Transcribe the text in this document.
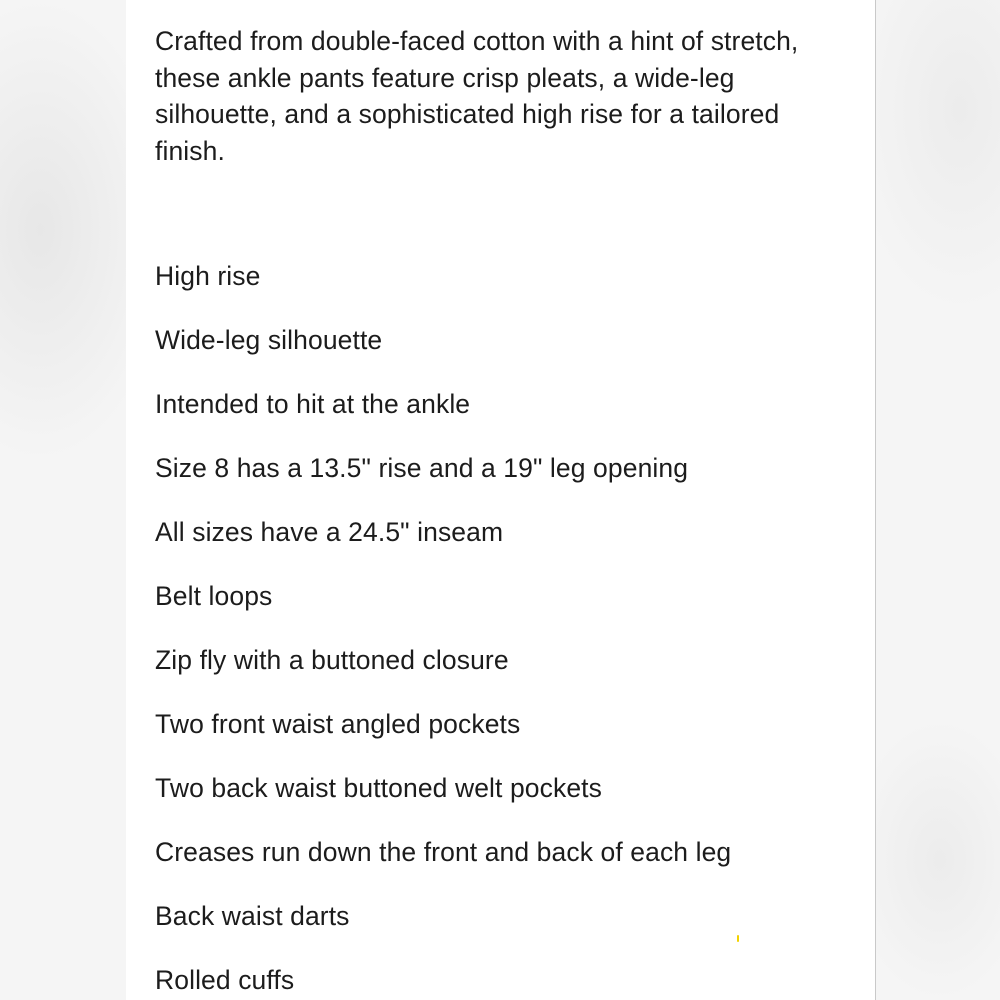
Crafted from double-faced cotton with a hint of stretch, these ankle pants feature crisp pleats, a wide-leg silhouette, and a sophisticated high rise for a tailored finish.

High rise
Wide-leg silhouette
Intended to hit at the ankle
Size 8 has a 13.5" rise and a 19" leg opening
All sizes have a 24.5" inseam
Belt loops
Zip fly with a buttoned closure
Two front waist angled pockets
Two back waist buttoned welt pockets
Creases run down the front and back of each leg
Back waist darts
Rolled cuffs
